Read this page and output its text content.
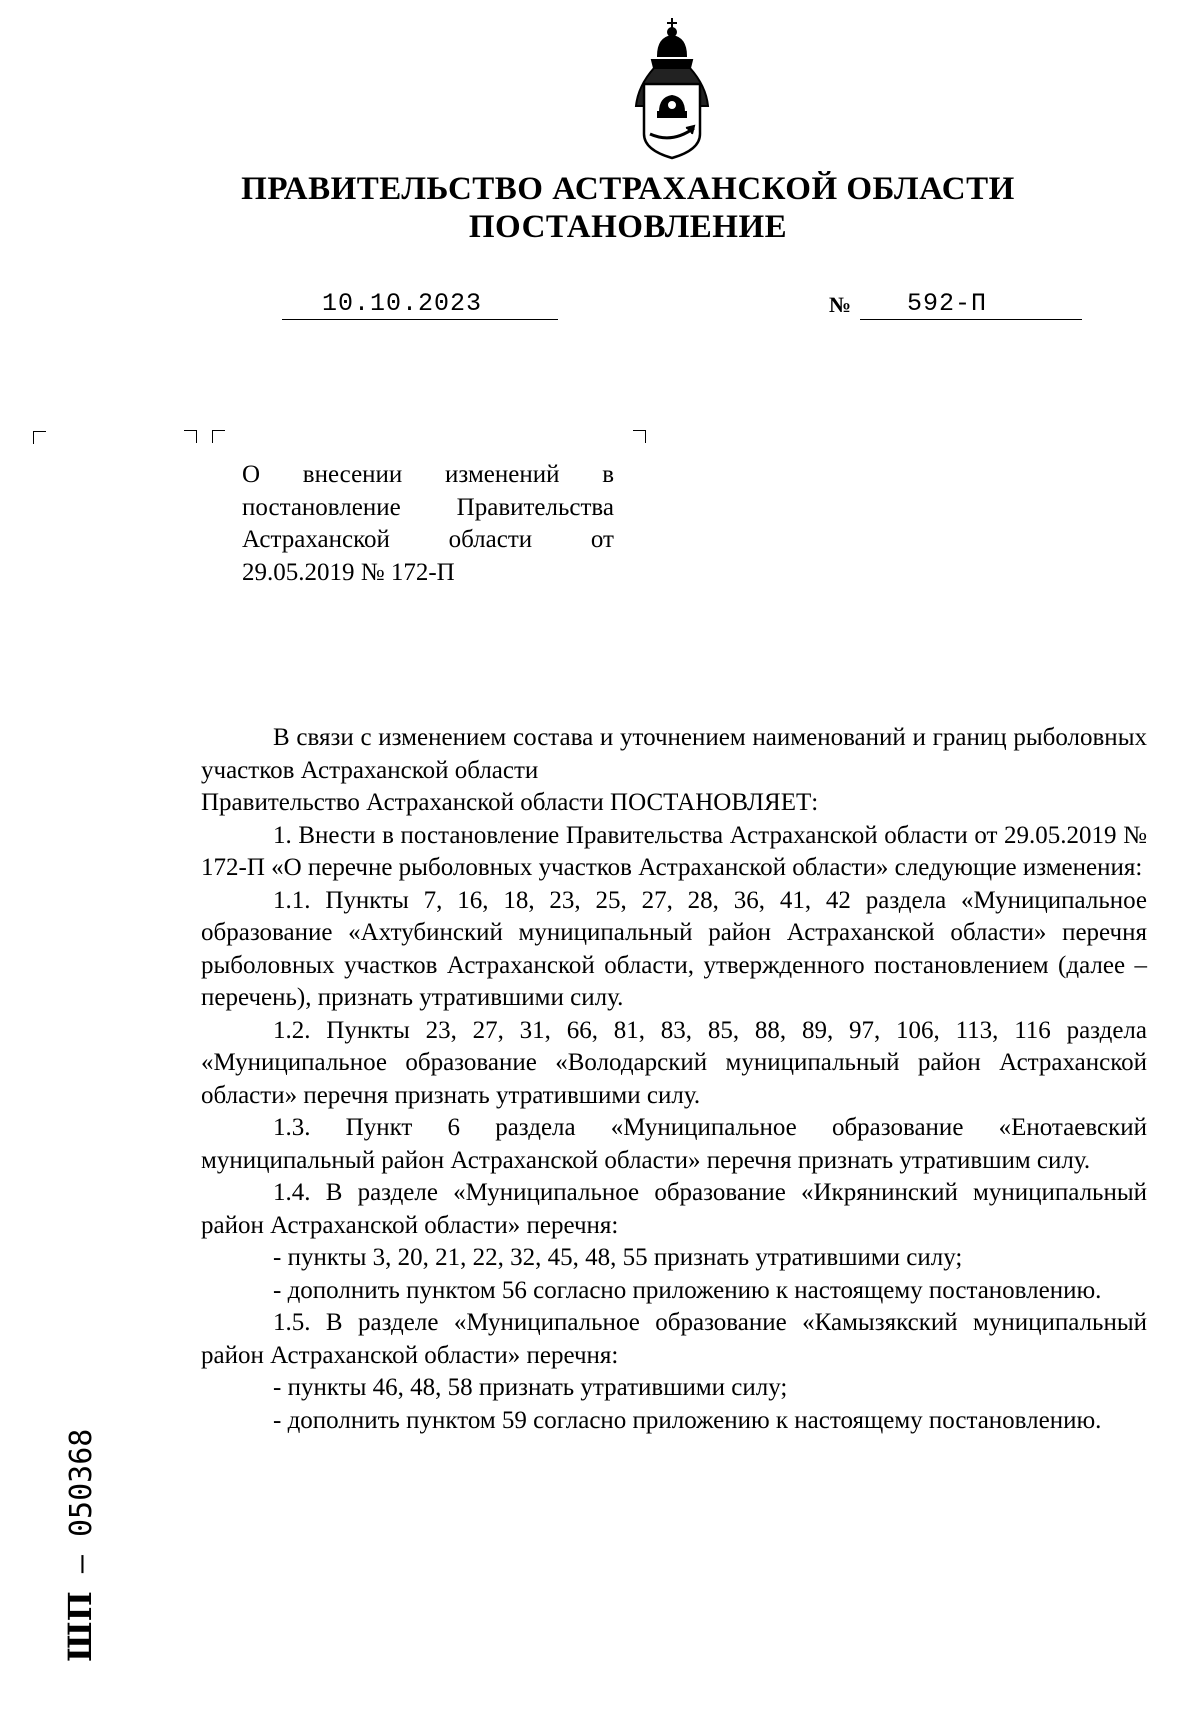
ПРАВИТЕЛЬСТВО АСТРАХАНСКОЙ ОБЛАСТИ
ПОСТАНОВЛЕНИЕ
10.10.2023	№	592-П
О внесении изменений в
постановление Правительства
Астраханской области от
29.05.2019 № 172-П

В связи с изменением состава и уточнением наименований и границ рыболовных участков Астраханской области

Правительство Астраханской области ПОСТАНОВЛЯЕТ:

1. Внести в постановление Правительства Астраханской области от 29.05.2019 № 172-П «О перечне рыболовных участков Астраханской области» следующие изменения:

1.1. Пункты 7, 16, 18, 23, 25, 27, 28, 36, 41, 42 раздела «Муниципальное образование «Ахтубинский муниципальный район Астраханской области» перечня рыболовных участков Астраханской области, утвержденного постановлением (далее – перечень), признать утратившими силу.

1.2. Пункты 23, 27, 31, 66, 81, 83, 85, 88, 89, 97, 106, 113, 116 раздела «Муниципальное образование «Володарский муниципальный район Астраханской области» перечня признать утратившими силу.

1.3. Пункт 6 раздела «Муниципальное образование «Енотаевский муниципальный район Астраханской области» перечня признать утратившим силу.

1.4. В разделе «Муниципальное образование «Икрянинский муниципальный район Астраханской области» перечня:

- пункты 3, 20, 21, 22, 32, 45, 48, 55 признать утратившими силу;

- дополнить пунктом 56 согласно приложению к настоящему постановлению.

1.5. В разделе «Муниципальное образование «Камызякский муниципальный район Астраханской области» перечня:

- пункты 46, 48, 58 признать утратившими силу;

- дополнить пунктом 59 согласно приложению к настоящему постановлению.

ШП – 050368
